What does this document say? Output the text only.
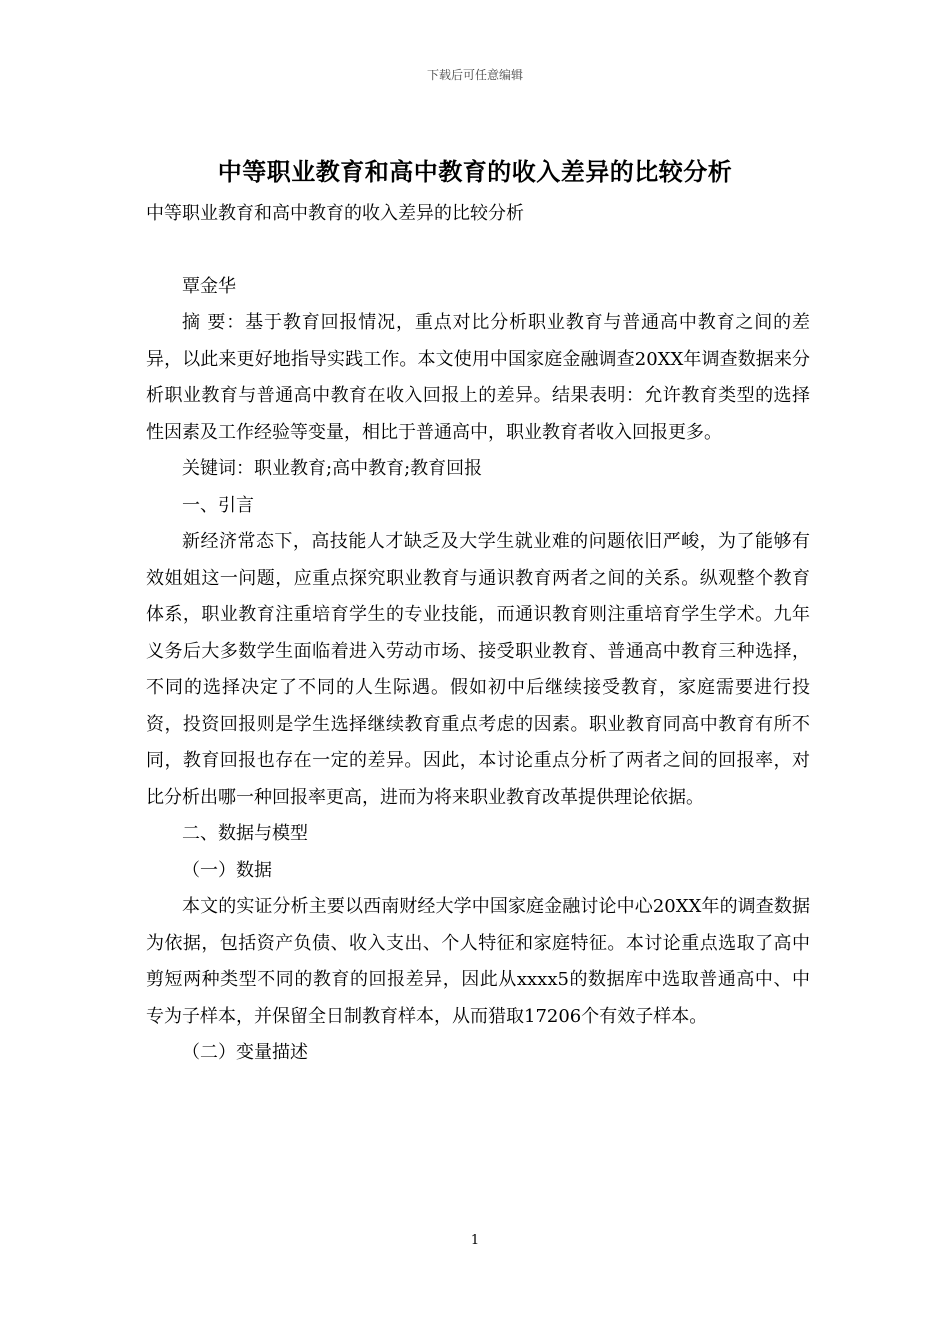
下载后可任意编辑
中等职业教育和高中教育的收入差异的比较分析

中等职业教育和高中教育的收入差异的比较分析

覃金华

摘 要：基于教育回报情况，重点对比分析职业教育与普通高中教育之间的差异，以此来更好地指导实践工作。本文使用中国家庭金融调查20XX年调查数据来分析职业教育与普通高中教育在收入回报上的差异。结果表明：允许教育类型的选择性因素及工作经验等变量，相比于普通高中，职业教育者收入回报更多。

关键词：职业教育;高中教育;教育回报

一、引言

新经济常态下，高技能人才缺乏及大学生就业难的问题依旧严峻，为了能够有效姐姐这一问题，应重点探究职业教育与通识教育两者之间的关系。纵观整个教育体系，职业教育注重培育学生的专业技能，而通识教育则注重培育学生学术。九年义务后大多数学生面临着进入劳动市场、接受职业教育、普通高中教育三种选择，不同的选择决定了不同的人生际遇。假如初中后继续接受教育，家庭需要进行投资，投资回报则是学生选择继续教育重点考虑的因素。职业教育同高中教育有所不同，教育回报也存在一定的差异。因此，本讨论重点分析了两者之间的回报率，对比分析出哪一种回报率更高，进而为将来职业教育改革提供理论依据。

二、数据与模型

（一）数据

本文的实证分析主要以西南财经大学中国家庭金融讨论中心20XX年的调查数据为依据，包括资产负债、收入支出、个人特征和家庭特征。本讨论重点选取了高中剪短两种类型不同的教育的回报差异，因此从xxxx5的数据库中选取普通高中、中专为子样本，并保留全日制教育样本，从而猎取17206个有效子样本。

（二）变量描述

1
